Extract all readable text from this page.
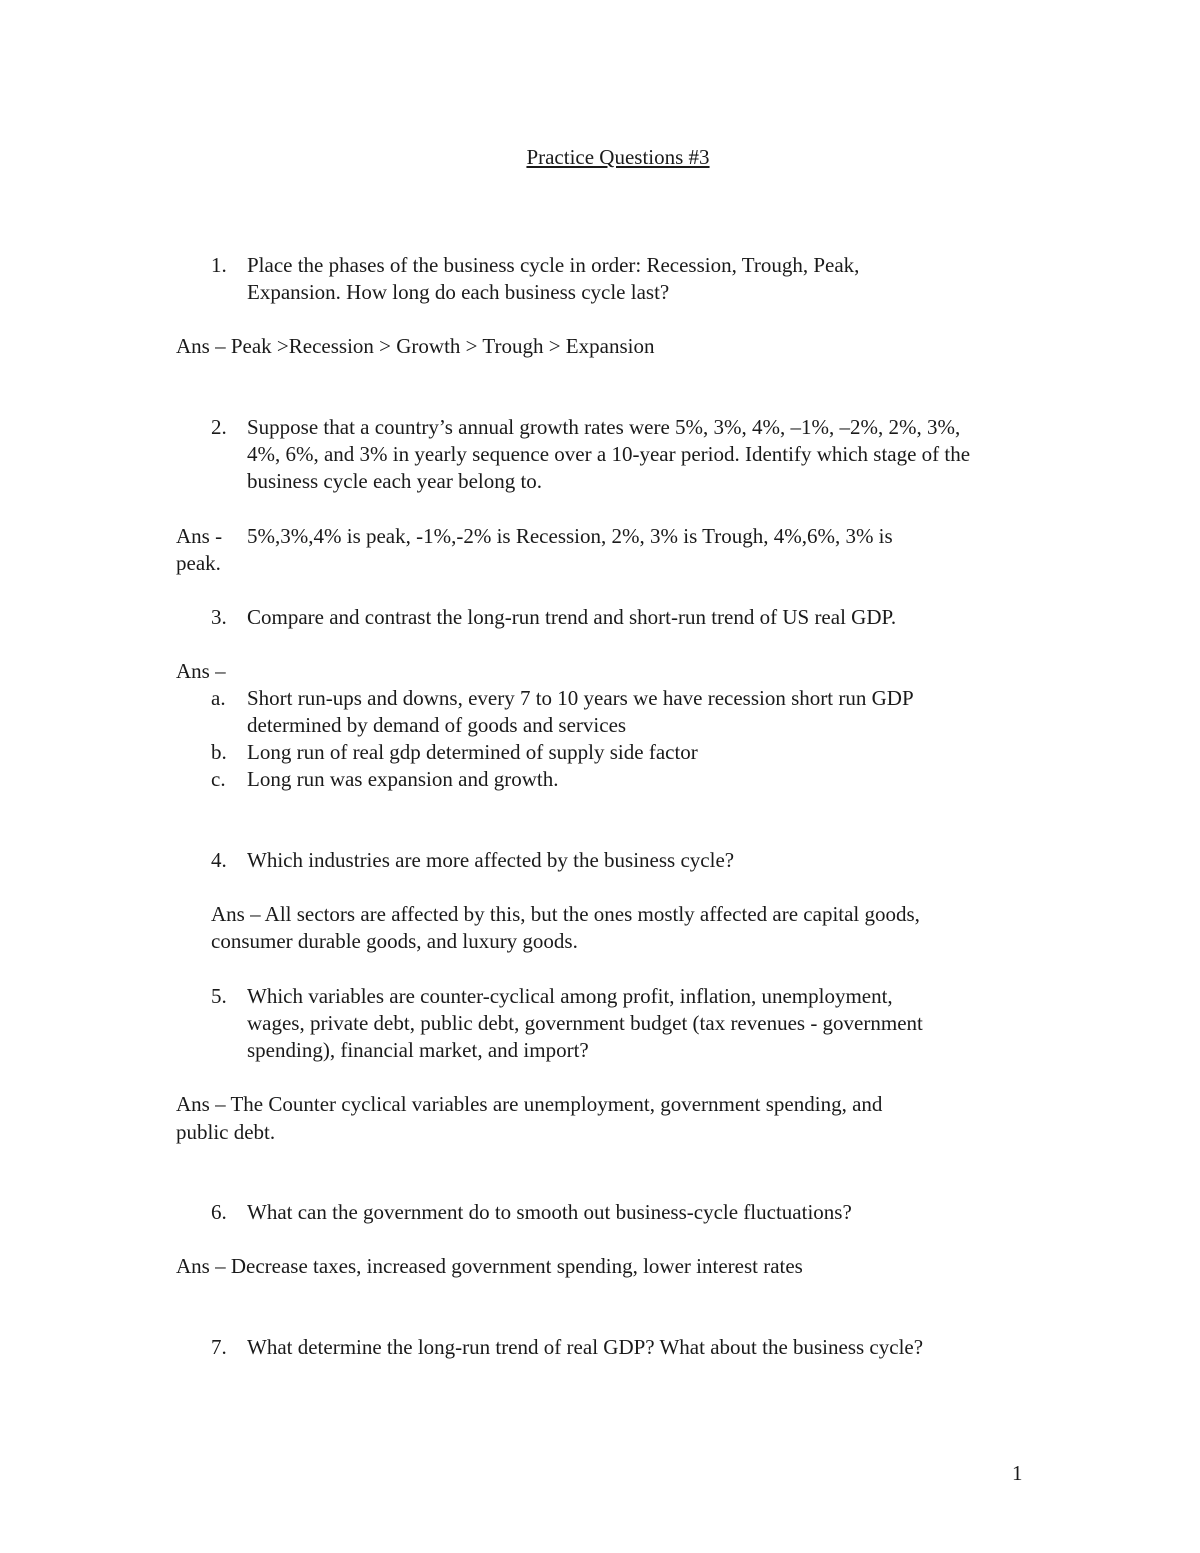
Practice Questions #3
1. Place the phases of the business cycle in order: Recession, Trough, Peak,
Expansion. How long do each business cycle last?
Ans – Peak >Recession > Growth > Trough > Expansion
2. Suppose that a country’s annual growth rates were 5%, 3%, 4%, –1%, –2%, 2%, 3%,
4%, 6%, and 3% in yearly sequence over a 10-year period. Identify which stage of the
business cycle each year belong to.
Ans - 5%,3%,4% is peak, -1%,-2% is Recession, 2%, 3% is Trough, 4%,6%, 3% is
peak.
3. Compare and contrast the long-run trend and short-run trend of US real GDP.
Ans –
a. Short run-ups and downs, every 7 to 10 years we have recession short run GDP
determined by demand of goods and services
b. Long run of real gdp determined of supply side factor
c. Long run was expansion and growth.
4. Which industries are more affected by the business cycle?
Ans – All sectors are affected by this, but the ones mostly affected are capital goods,
consumer durable goods, and luxury goods.
5. Which variables are counter-cyclical among profit, inflation, unemployment,
wages, private debt, public debt, government budget (tax revenues - government
spending), financial market, and import?
Ans – The Counter cyclical variables are unemployment, government spending, and
public debt.
6. What can the government do to smooth out business-cycle fluctuations?
Ans – Decrease taxes, increased government spending, lower interest rates
7. What determine the long-run trend of real GDP? What about the business cycle?
1
